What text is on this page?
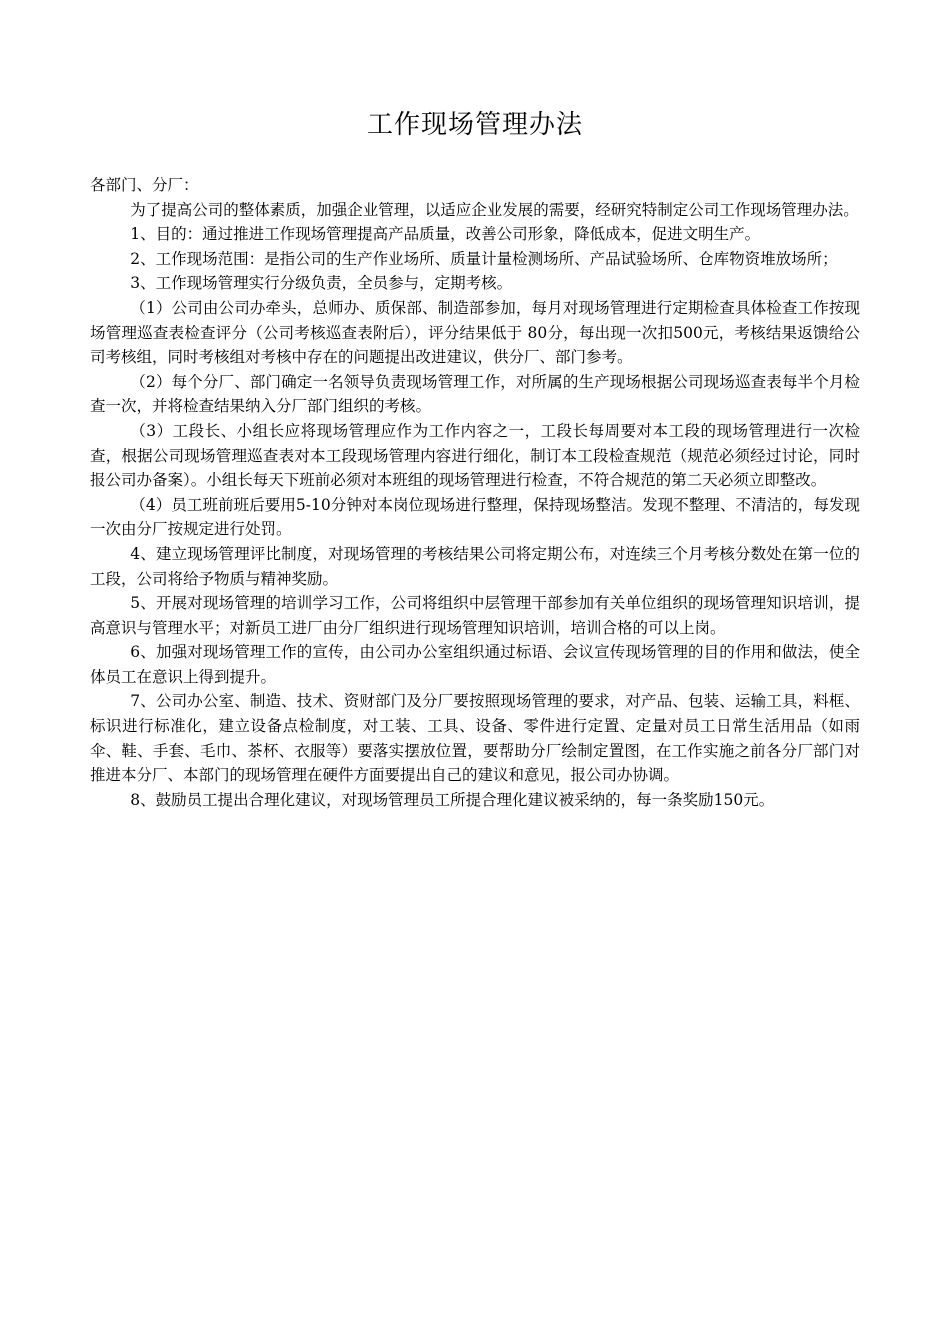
工作现场管理办法

各部门、分厂：

为了提高公司的整体素质，加强企业管理，以适应企业发展的需要，经研究特制定公司工作现场管理办法。

1、目的：通过推进工作现场管理提高产品质量，改善公司形象，降低成本，促进文明生产。

2、工作现场范围：是指公司的生产作业场所、质量计量检测场所、产品试验场所、仓库物资堆放场所；

3、工作现场管理实行分级负责，全员参与，定期考核。

（1）公司由公司办牵头，总师办、质保部、制造部参加，每月对现场管理进行定期检查具体检查工作按现场管理巡查表检查评分（公司考核巡查表附后），评分结果低于 80分，每出现一次扣500元，考核结果返馈给公司考核组，同时考核组对考核中存在的问题提出改进建议，供分厂、部门参考。

（2）每个分厂、部门确定一名领导负责现场管理工作，对所属的生产现场根据公司现场巡查表每半个月检查一次，并将检查结果纳入分厂部门组织的考核。

（3）工段长、小组长应将现场管理应作为工作内容之一，工段长每周要对本工段的现场管理进行一次检查，根据公司现场管理巡查表对本工段现场管理内容进行细化，制订本工段检查规范（规范必须经过讨论，同时报公司办备案）。小组长每天下班前必须对本班组的现场管理进行检查，不符合规范的第二天必须立即整改。

（4）员工班前班后要用5-10分钟对本岗位现场进行整理，保持现场整洁。发现不整理、不清洁的，每发现一次由分厂按规定进行处罚。

4、建立现场管理评比制度，对现场管理的考核结果公司将定期公布，对连续三个月考核分数处在第一位的工段，公司将给予物质与精神奖励。

5、开展对现场管理的培训学习工作，公司将组织中层管理干部参加有关单位组织的现场管理知识培训，提高意识与管理水平；对新员工进厂由分厂组织进行现场管理知识培训，培训合格的可以上岗。

6、加强对现场管理工作的宣传，由公司办公室组织通过标语、会议宣传现场管理的目的作用和做法，使全体员工在意识上得到提升。

7、公司办公室、制造、技术、资财部门及分厂要按照现场管理的要求，对产品、包装、运输工具，料框、标识进行标准化，建立设备点检制度，对工装、工具、设备、零件进行定置、定量对员工日常生活用品（如雨伞、鞋、手套、毛巾、茶杯、衣服等）要落实摆放位置，要帮助分厂绘制定置图，在工作实施之前各分厂部门对推进本分厂、本部门的现场管理在硬件方面要提出自己的建议和意见，报公司办协调。

8、鼓励员工提出合理化建议，对现场管理员工所提合理化建议被采纳的，每一条奖励150元。
